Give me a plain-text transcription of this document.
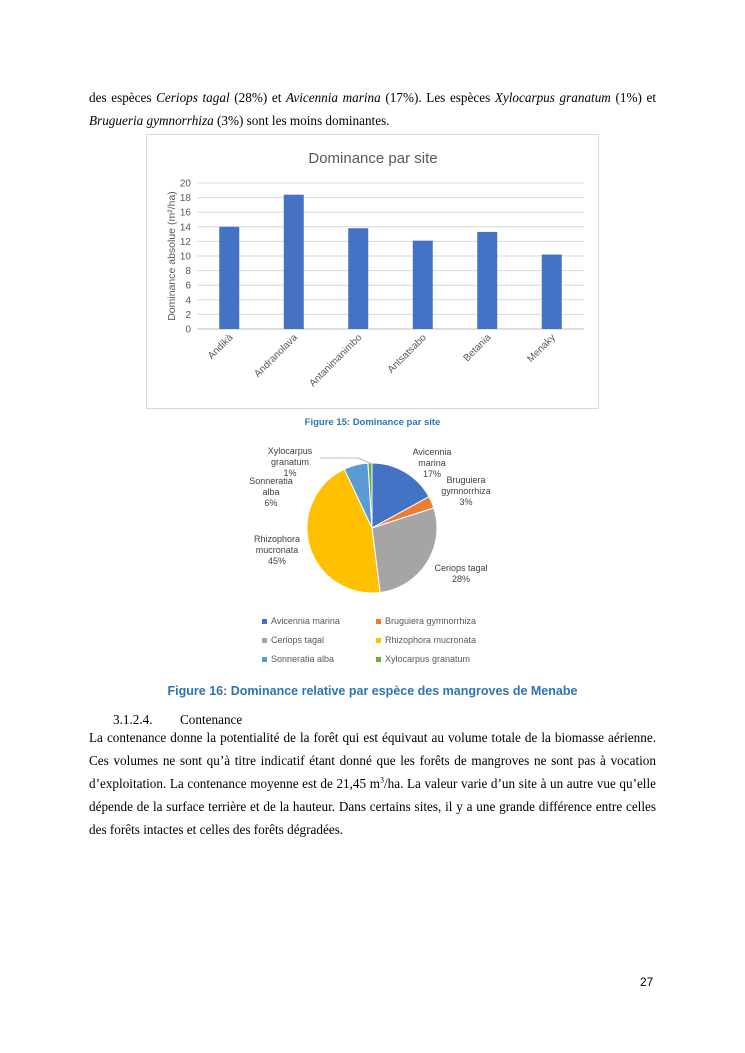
des espèces Ceriops tagal (28%) et Avicennia marina (17%). Les espèces Xylocarpus granatum (1%) et Brugueria gymnorrhiza (3%) sont les moins dominantes.
Dominance par site
0
2
4
6
8
10
12
14
16
18
20
Dominance absolue (m²/ha)
Andikà Andranolava Antanimanimbo Antsatsabo	Betania	Menaky
Figure 15: Dominance par site
Avicennia marina 17%
Bruguiera gymnorrhiza 3%
Ceriops tagal 28%
Rhizophora mucronata 45%
Sonneratia alba 6%
Xylocarpus granatum 1%
Avicennia marina	Bruguiera gymnorrhiza
Ceriops tagal	Rhizophora mucronata
Sonneratia alba	Xylocarpus granatum
Figure 16: Dominance relative par espèce des mangroves de Menabe
3.1.2.4. Contenance
La contenance donne la potentialité de la forêt qui est équivaut au volume totale de la biomasse aérienne. Ces volumes ne sont qu’à titre indicatif étant donné que les forêts de mangroves ne sont pas à vocation d’exploitation. La contenance moyenne est de 21,45 $m^3/ha$. La valeur varie d’un site à un autre vue qu’elle dépende de la surface terrière et de la hauteur. Dans certains sites, il y a une grande différence entre celles des forêts intactes et celles des forêts dégradées.
27
